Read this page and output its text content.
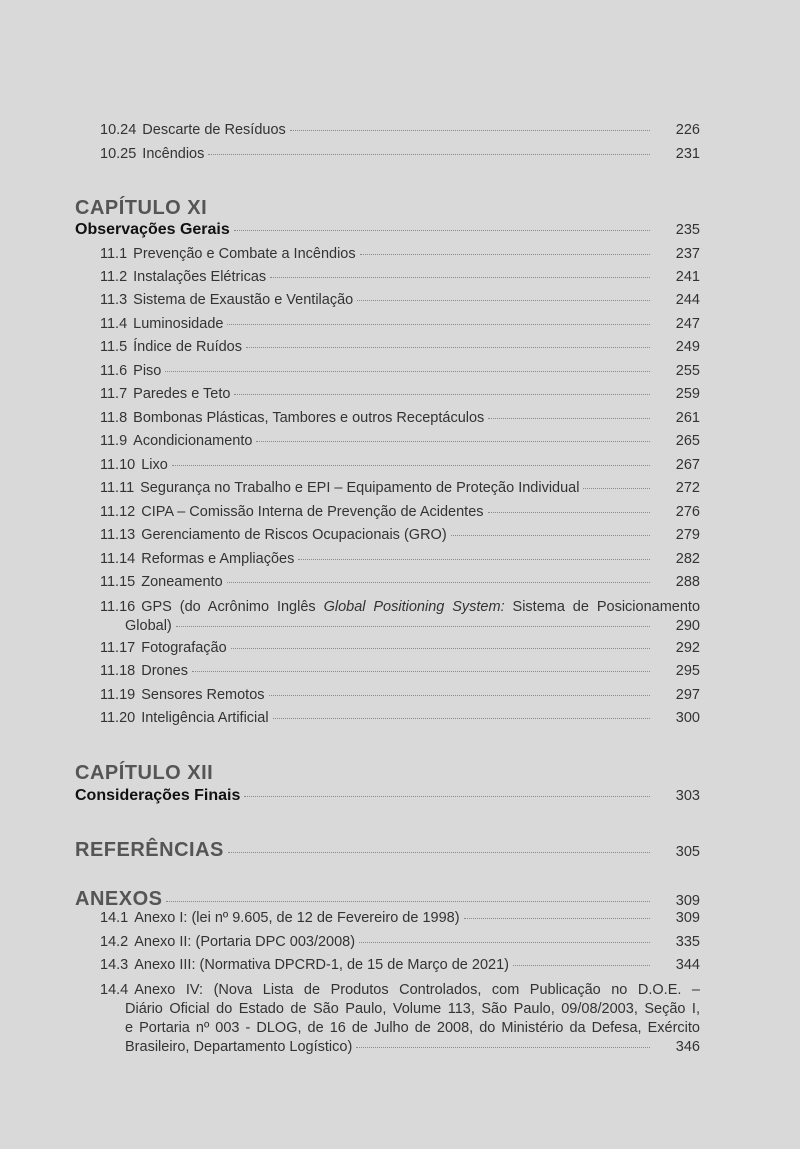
10.24 Descarte de Resíduos	226
10.25 Incêndios	231
CAPÍTULO XI
Observações Gerais	235
11.1 Prevenção e Combate a Incêndios	237
11.2 Instalações Elétricas	241
11.3 Sistema de Exaustão e Ventilação	244
11.4 Luminosidade	247
11.5 Índice de Ruídos	249
11.6 Piso	255
11.7 Paredes e Teto	259
11.8 Bombonas Plásticas, Tambores e outros Receptáculos	261
11.9 Acondicionamento	265
11.10 Lixo	267
11.11 Segurança no Trabalho e EPI – Equipamento de Proteção Individual	272
11.12 CIPA – Comissão Interna de Prevenção de Acidentes	276
11.13 Gerenciamento de Riscos Ocupacionais (GRO)	279
11.14 Reformas e Ampliações	282
11.15 Zoneamento	288
11.16 GPS (do Acrônimo Inglês Global Positioning System: Sistema de Posicionamento
Global)	290
11.17 Fotografação	292
11.18 Drones	295
11.19 Sensores Remotos	297
11.20 Inteligência Artificial	300
CAPÍTULO XII
Considerações Finais	303
REFERÊNCIAS	305
ANEXOS	309
14.1 Anexo I: (lei nº 9.605, de 12 de Fevereiro de 1998)	309
14.2 Anexo II: (Portaria DPC 003/2008)	335
14.3 Anexo III: (Normativa DPCRD-1, de 15 de Março de 2021)	344
14.4 Anexo IV: (Nova Lista de Produtos Controlados, com Publicação no D.O.E. –
Diário Oficial do Estado de São Paulo, Volume 113, São Paulo, 09/08/2003, Seção I,
e Portaria nº 003 - DLOG, de 16 de Julho de 2008, do Ministério da Defesa, Exército
Brasileiro, Departamento Logístico)	346
